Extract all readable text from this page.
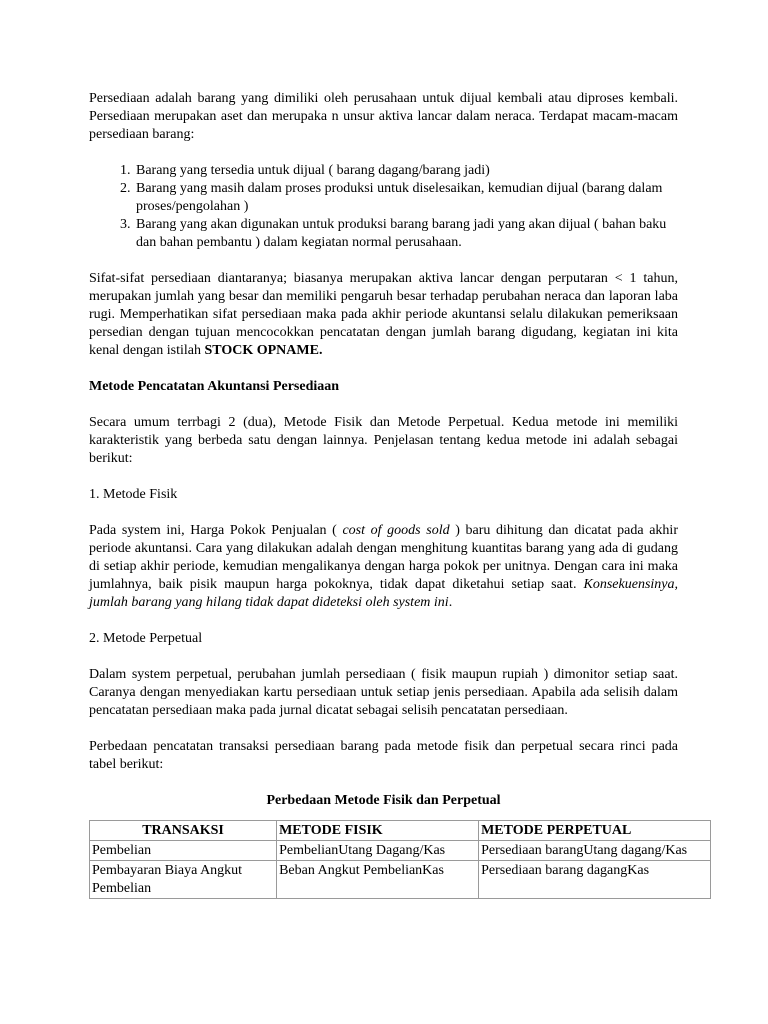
Persediaan adalah barang yang dimiliki oleh perusahaan untuk dijual kembali atau diproses kembali. Persediaan merupakan aset dan merupaka n unsur aktiva lancar dalam neraca. Terdapat macam-macam persediaan barang:

1. Barang yang tersedia untuk dijual ( barang dagang/barang jadi)
2. Barang yang masih dalam proses produksi untuk diselesaikan, kemudian dijual (barang dalam proses/pengolahan )
3. Barang yang akan digunakan untuk produksi barang barang jadi yang akan dijual ( bahan baku dan bahan pembantu ) dalam kegiatan normal perusahaan.

Sifat-sifat persediaan diantaranya; biasanya merupakan aktiva lancar dengan perputaran < 1 tahun, merupakan jumlah yang besar dan memiliki pengaruh besar terhadap perubahan neraca dan laporan laba rugi. Memperhatikan sifat persediaan maka pada akhir periode akuntansi selalu dilakukan pemeriksaan persedian dengan tujuan mencocokkan pencatatan dengan jumlah barang digudang, kegiatan ini kita kenal dengan istilah STOCK OPNAME.

Metode Pencatatan Akuntansi Persediaan

Secara umum terrbagi 2 (dua), Metode Fisik dan Metode Perpetual. Kedua metode ini memiliki karakteristik yang berbeda satu dengan lainnya. Penjelasan tentang kedua metode ini adalah sebagai berikut:

1. Metode Fisik

Pada system ini, Harga Pokok Penjualan ( cost of goods sold ) baru dihitung dan dicatat pada akhir periode akuntansi. Cara yang dilakukan adalah dengan menghitung kuantitas barang yang ada di gudang di setiap akhir periode, kemudian mengalikanya dengan harga pokok per unitnya. Dengan cara ini maka jumlahnya, baik pisik maupun harga pokoknya, tidak dapat diketahui setiap saat. Konsekuensinya, jumlah barang yang hilang tidak dapat dideteksi oleh system ini.

2. Metode Perpetual

Dalam system perpetual, perubahan jumlah persediaan ( fisik maupun rupiah ) dimonitor setiap saat. Caranya dengan menyediakan kartu persediaan untuk setiap jenis persediaan. Apabila ada selisih dalam pencatatan persediaan maka pada jurnal dicatat sebagai selisih pencatatan persediaan.

Perbedaan pencatatan transaksi persediaan barang pada metode fisik dan perpetual secara rinci pada tabel berikut:

Perbedaan Metode Fisik dan Perpetual

TRANSAKSI	METODE FISIK	METODE PERPETUAL
Pembelian	PembelianUtang Dagang/Kas	Persediaan barangUtang dagang/Kas
Pembayaran Biaya Angkut Pembelian	Beban Angkut PembelianKas	Persediaan barang dagangKas
